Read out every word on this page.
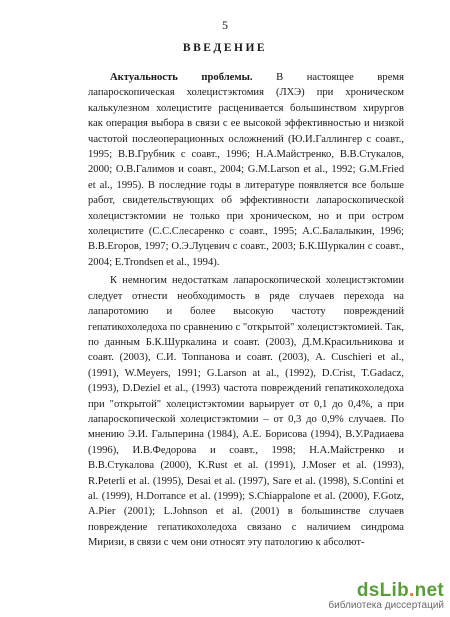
5
ВВЕДЕНИЕ

Актуальность проблемы. В настоящее время лапароскопическая холецистэктомия (ЛХЭ) при хроническом калькулезном холецистите расценивается большинством хирургов как операция выбора в связи с ее высокой эффективностью и низкой частотой послеоперационных осложнений (Ю.И.Галлингер с соавт., 1995; В.В.Грубник с соавт., 1996; Н.А.Майстренко, В.В.Стукалов, 2000; О.В.Галимов и соавт., 2004; G.M.Larson et al., 1992; G.M.Fried et al., 1995). В последние годы в литературе появляется все больше работ, свидетельствующих об эффективности лапароскопической холецистэктомии не только при хроническом, но и при остром холецистите (С.С.Слесаренко с соавт., 1995; А.С.Балалыкин, 1996; В.В.Егоров, 1997; О.Э.Луцевич с соавт., 2003; Б.К.Шуркалин с соавт., 2004; E.Trondsen et al., 1994).

К немногим недостаткам лапароскопической холецистэктомии следует отнести необходимость в ряде случаев перехода на лапаротомию и более высокую частоту повреждений гепатикохоледоха по сравнению с "открытой" холецистэктомией. Так, по данным Б.К.Шуркалина и соавт. (2003), Д.М.Красильникова и соавт. (2003), С.И. Топпанова и соавт. (2003), A. Cuschieri et al., (1991), W.Meyers, 1991; G.Larson at al., (1992), D.Crist, T.Gadacz, (1993), D.Deziel et al., (1993) частота повреждений гепатикохоледоха при "открытой" холецистэктомии варьирует от 0,1 до 0,4%, а при лапароскопической холецистэктомии – от 0,3 до 0,9% случаев. По мнению Э.И. Гальперина (1984), А.Е. Борисова (1994), В.У.Радиаева (1996), И.В.Федорова и соавт., 1998; Н.А.Майстренко и В.В.Стукалова (2000), K.Rust et al. (1991), J.Moser et al. (1993), R.Peterli et al. (1995), Desai et al. (1997), Sare et al. (1998), S.Contini et al. (1999), H.Dorrance et al. (1999); S.Chiappalone et al. (2000), F.Gotz, A.Pier (2001); L.Johnson et al. (2001) в большинстве случаев повреждение гепатикохоледоха связано с наличием синдрома Миризи, в связи с чем они относят эту патологию к абсолют-

dsLib.net
библиотека диссертаций
